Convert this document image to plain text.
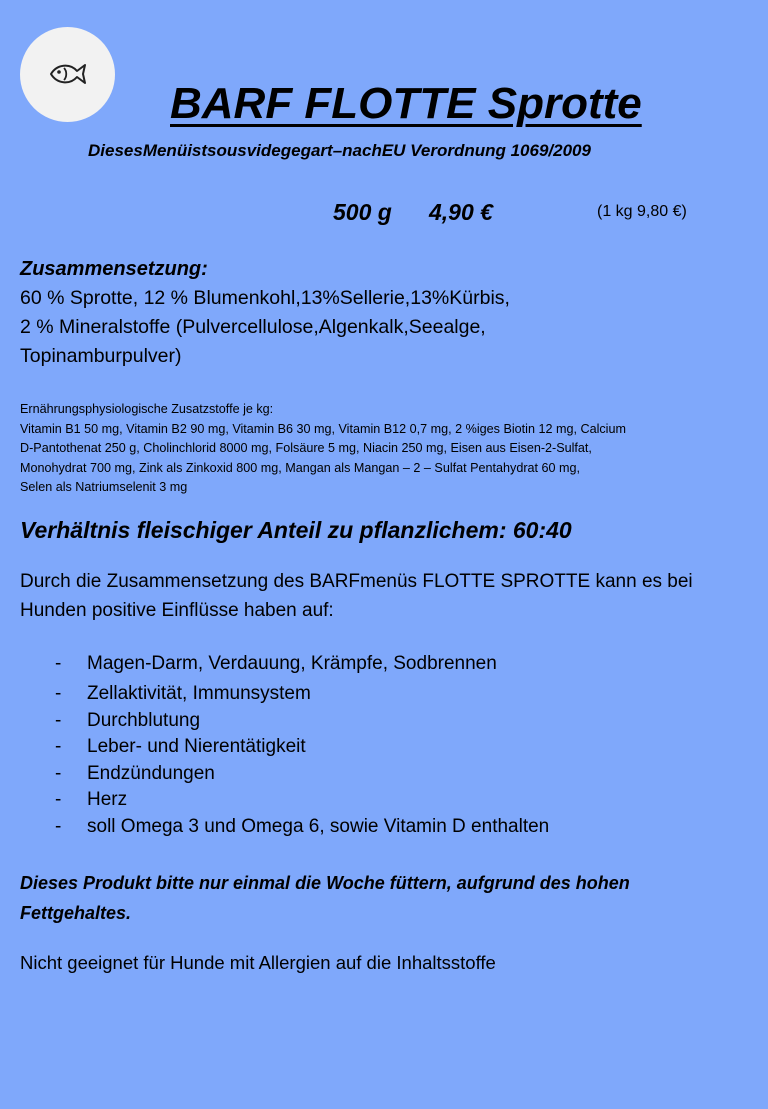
BARF FLOTTE Sprotte
DiesesMenüistsousvidegegart–nachEU Verordnung 1069/2009
500 g 4,90 €	(1 kg 9,80 €)
Zusammensetzung:
60 % Sprotte, 12 % Blumenkohl,13%Sellerie,13%Kürbis,
2 % Mineralstoffe (Pulvercellulose,Algenkalk,Seealge,
Topinamburpulver)
Ernährungsphysiologische Zusatzstoffe je kg:
Vitamin B1 50 mg, Vitamin B2 90 mg, Vitamin B6 30 mg, Vitamin B12 0,7 mg, 2 %iges Biotin 12 mg, Calcium
D-Pantothenat 250 g, Cholinchlorid 8000 mg, Folsäure 5 mg, Niacin 250 mg, Eisen aus Eisen-2-Sulfat,
Monohydrat 700 mg, Zink als Zinkoxid 800 mg, Mangan als Mangan – 2 – Sulfat Pentahydrat 60 mg,
Selen als Natriumselenit 3 mg
Verhältnis fleischiger Anteil zu pflanzlichem: 60:40
Durch die Zusammensetzung des BARFmenüs FLOTTE SPROTTE kann es bei
Hunden positive Einflüsse haben auf:
- Magen-Darm, Verdauung, Krämpfe, Sodbrennen
- Zellaktivität, Immunsystem
- Durchblutung
- Leber- und Nierentätigkeit
- Endzündungen
- Herz
- soll Omega 3 und Omega 6, sowie Vitamin D enthalten
Dieses Produkt bitte nur einmal die Woche füttern, aufgrund des hohen
Fettgehaltes.
Nicht geeignet für Hunde mit Allergien auf die Inhaltsstoffe
